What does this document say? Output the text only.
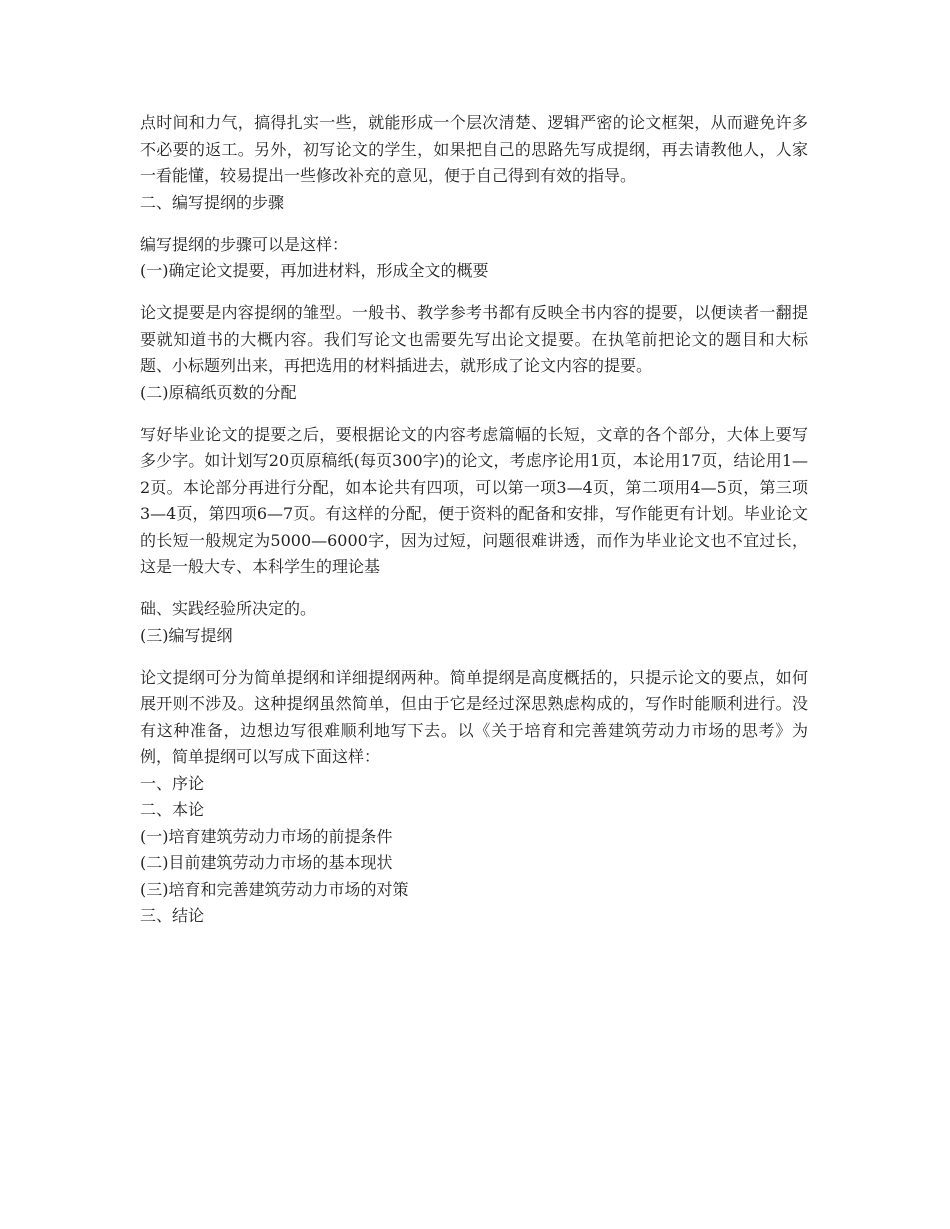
点时间和力气，搞得扎实一些，就能形成一个层次清楚、逻辑严密的论文框架，从而避免许多不必要的返工。另外，初写论文的学生，如果把自己的思路先写成提纲，再去请教他人，人家一看能懂，较易提出一些修改补充的意见，便于自己得到有效的指导。

二、编写提纲的步骤

编写提纲的步骤可以是这样：

(一)确定论文提要，再加进材料，形成全文的概要

论文提要是内容提纲的雏型。一般书、教学参考书都有反映全书内容的提要，以便读者一翻提要就知道书的大概内容。我们写论文也需要先写出论文提要。在执笔前把论文的题目和大标题、小标题列出来，再把选用的材料插进去，就形成了论文内容的提要。

(二)原稿纸页数的分配

写好毕业论文的提要之后，要根据论文的内容考虑篇幅的长短，文章的各个部分，大体上要写多少字。如计划写20页原稿纸(每页300字)的论文，考虑序论用1页，本论用17页，结论用1—2页。本论部分再进行分配，如本论共有四项，可以第一项3—4页，第二项用4—5页，第三项3—4页，第四项6—7页。有这样的分配，便于资料的配备和安排，写作能更有计划。毕业论文的长短一般规定为5000—6000字，因为过短，问题很难讲透，而作为毕业论文也不宜过长，这是一般大专、本科学生的理论基

础、实践经验所决定的。

(三)编写提纲

论文提纲可分为简单提纲和详细提纲两种。简单提纲是高度概括的，只提示论文的要点，如何展开则不涉及。这种提纲虽然简单，但由于它是经过深思熟虑构成的，写作时能顺利进行。没有这种准备，边想边写很难顺利地写下去。以《关于培育和完善建筑劳动力市场的思考》为例，简单提纲可以写成下面这样：

一、序论

二、本论

(一)培育建筑劳动力市场的前提条件

(二)目前建筑劳动力市场的基本现状

(三)培育和完善建筑劳动力市场的对策

三、结论
